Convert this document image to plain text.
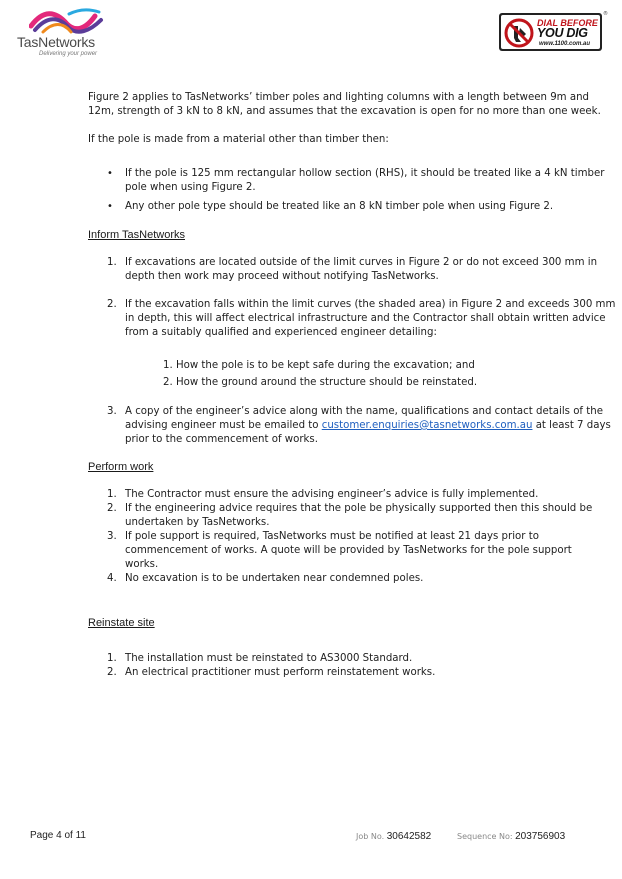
TasNetworks
Delivering your power
DIAL BEFORE
YOU DIG
www.1100.com.au
®
Figure 2 applies to TasNetworks’ timber poles and lighting columns with a length between 9m and
12m, strength of 3 kN to 8 kN, and assumes that the excavation is open for no more than one week.
If the pole is made from a material other than timber then:
• If the pole is 125 mm rectangular hollow section (RHS), it should be treated like a 4 kN timber
pole when using Figure 2.
• Any other pole type should be treated like an 8 kN timber pole when using Figure 2.
Inform TasNetworks
1. If excavations are located outside of the limit curves in Figure 2 or do not exceed 300 mm in
depth then work may proceed without notifying TasNetworks.
2. If the excavation falls within the limit curves (the shaded area) in Figure 2 and exceeds 300 mm
in depth, this will affect electrical infrastructure and the Contractor shall obtain written advice
from a suitably qualified and experienced engineer detailing:
1. How the pole is to be kept safe during the excavation; and
2. How the ground around the structure should be reinstated.
3. A copy of the engineer’s advice along with the name, qualifications and contact details of the
advising engineer must be emailed to customer.enquiries@tasnetworks.com.au at least 7 days
prior to the commencement of works.
Perform work
1. The Contractor must ensure the advising engineer’s advice is fully implemented.
2. If the engineering advice requires that the pole be physically supported then this should be
undertaken by TasNetworks.
3. If pole support is required, TasNetworks must be notified at least 21 days prior to
commencement of works. A quote will be provided by TasNetworks for the pole support
works.
4. No excavation is to be undertaken near condemned poles.
Reinstate site
1. The installation must be reinstated to AS3000 Standard.
2. An electrical practitioner must perform reinstatement works.
Page 4 of 11	Job No. 30642582	Sequence No: 203756903
